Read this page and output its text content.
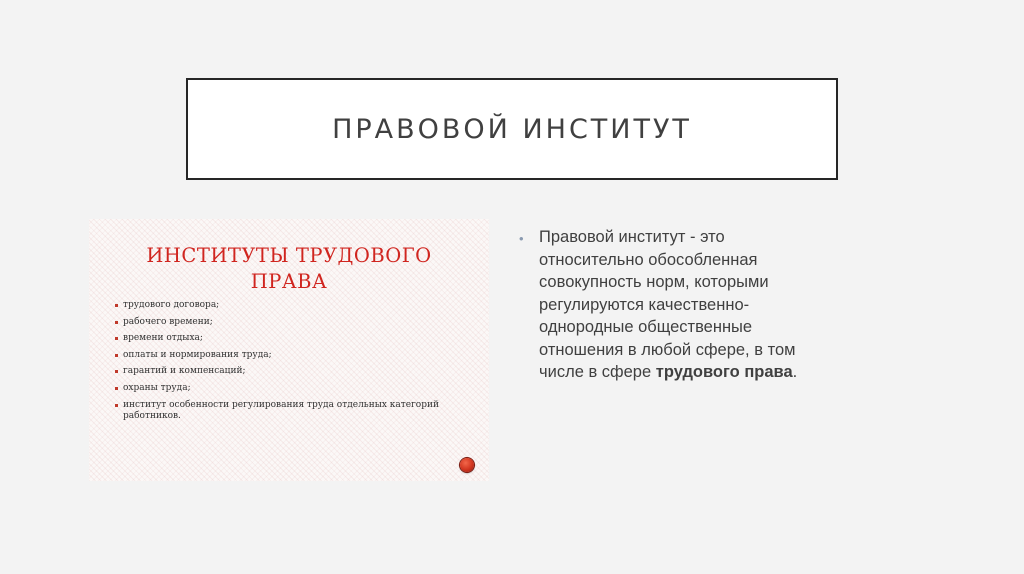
ПРАВОВОЙ ИНСТИТУТ
ИНСТИТУТЫ ТРУДОВОГО
ПРАВА
трудового договора;
рабочего времени;
времени отдыха;
оплаты и нормирования труда;
гарантий и компенсаций;
охраны труда;
институт особенности регулирования труда отдельных категорий работников.
• Правовой институт - это относительно обособленная совокупность норм, которыми регулируются качественно-однородные общественные отношения в любой сфере, в том числе в сфере трудового права.
